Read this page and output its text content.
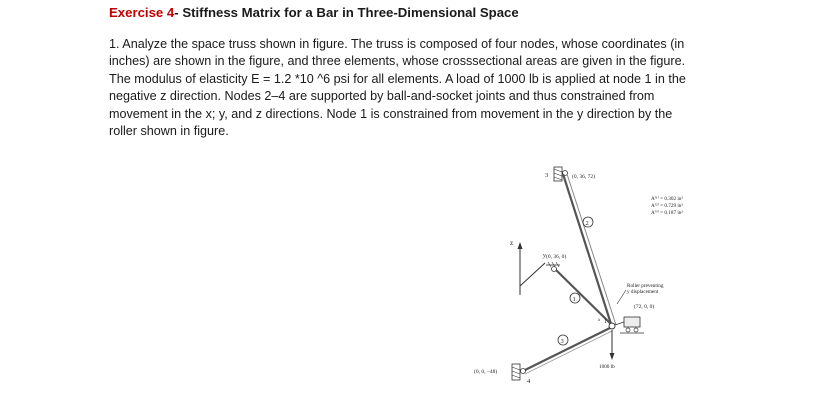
Exercise 4- Stiffness Matrix for a Bar in Three-Dimensional Space
1. Analyze the space truss shown in figure. The truss is composed of four nodes, whose coordinates (in
inches) are shown in the figure, and three elements, whose crosssectional areas are given in the figure.
The modulus of elasticity E = 1.2 *10 ^6 psi for all elements. A load of 1000 lb is applied at node 1 in the
negative z direction. Nodes 2–4 are supported by ball-and-socket joints and thus constrained from
movement in the x; y, and z directions. Node 1 is constrained from movement in the y direction by the
roller shown in figure.
z
y
3	(0, 36, 72)
2
(0, 36, 0)
1
3
(0, 0, −48)
4
1
x
(72, 0, 0)
Roller preventing
y displacement
1000 lb
A⁽¹⁾ = 0.302 in²
A⁽²⁾ = 0.729 in²
A⁽³⁾ = 0.187 in²
